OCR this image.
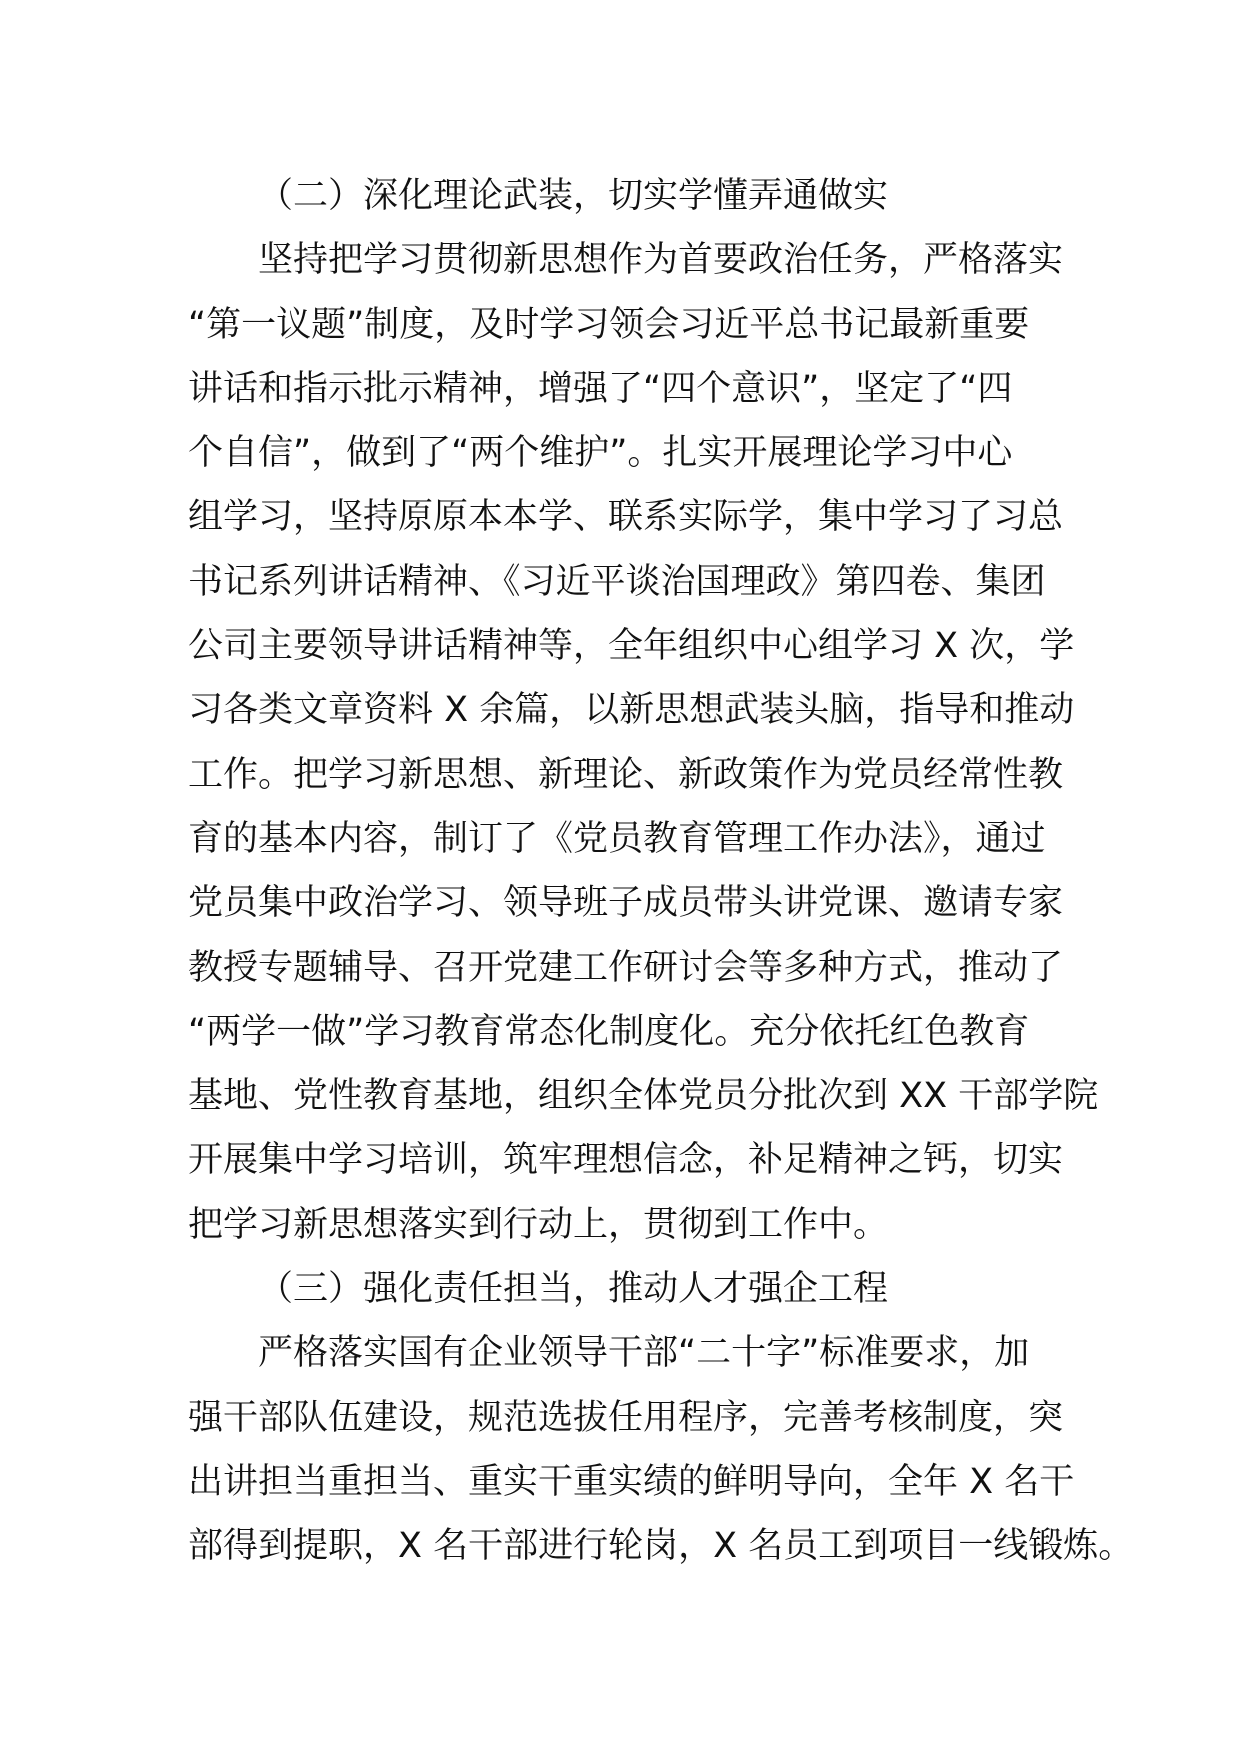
（二）深化理论武装，切实学懂弄通做实
坚持把学习贯彻新思想作为首要政治任务，严格落实
“第一议题”制度，及时学习领会习近平总书记最新重要
讲话和指示批示精神，增强了“四个意识”，坚定了“四
个自信”，做到了“两个维护”。扎实开展理论学习中心
组学习，坚持原原本本学、联系实际学，集中学习了习总
书记系列讲话精神、《习近平谈治国理政》第四卷、集团
公司主要领导讲话精神等，全年组织中心组学习 X 次，学
习各类文章资料 X 余篇，以新思想武装头脑，指导和推动
工作。把学习新思想、新理论、新政策作为党员经常性教
育的基本内容，制订了《党员教育管理工作办法》，通过
党员集中政治学习、领导班子成员带头讲党课、邀请专家
教授专题辅导、召开党建工作研讨会等多种方式，推动了
“两学一做”学习教育常态化制度化。充分依托红色教育
基地、党性教育基地，组织全体党员分批次到 XX 干部学院
开展集中学习培训，筑牢理想信念，补足精神之钙，切实
把学习新思想落实到行动上，贯彻到工作中。
（三）强化责任担当，推动人才强企工程
严格落实国有企业领导干部“二十字”标准要求，加
强干部队伍建设，规范选拔任用程序，完善考核制度，突
出讲担当重担当、重实干重实绩的鲜明导向，全年 X 名干
部得到提职，X 名干部进行轮岗，X 名员工到项目一线锻炼。
